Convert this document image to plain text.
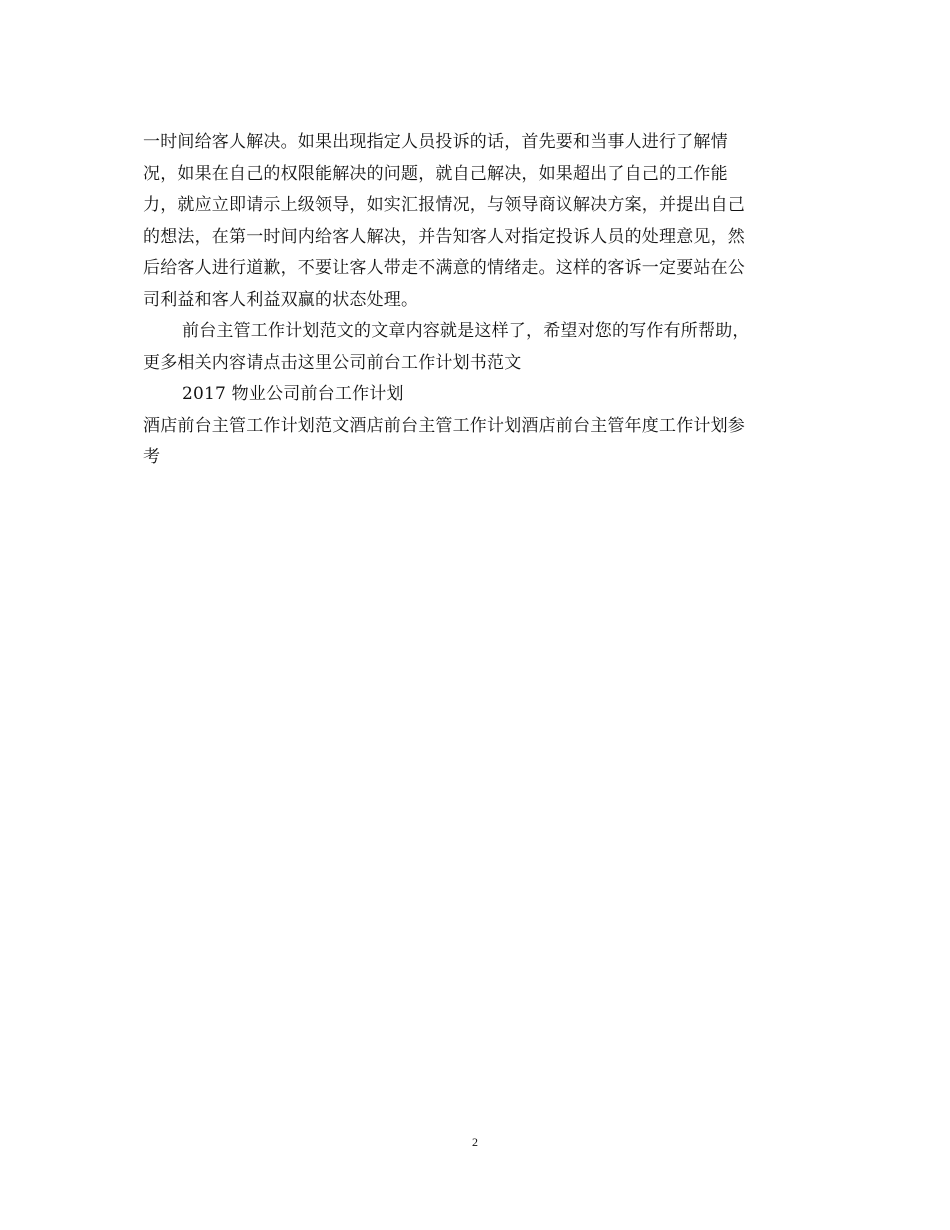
一时间给客人解决。如果出现指定人员投诉的话，首先要和当事人进行了解情
况，如果在自己的权限能解决的问题，就自己解决，如果超出了自己的工作能
力，就应立即请示上级领导，如实汇报情况，与领导商议解决方案，并提出自己
的想法，在第一时间内给客人解决，并告知客人对指定投诉人员的处理意见，然
后给客人进行道歉，不要让客人带走不满意的情绪走。这样的客诉一定要站在公
司利益和客人利益双赢的状态处理。
前台主管工作计划范文的文章内容就是这样了，希望对您的写作有所帮助，
更多相关内容请点击这里公司前台工作计划书范文
2017 物业公司前台工作计划
酒店前台主管工作计划范文酒店前台主管工作计划酒店前台主管年度工作计划参
考
2
